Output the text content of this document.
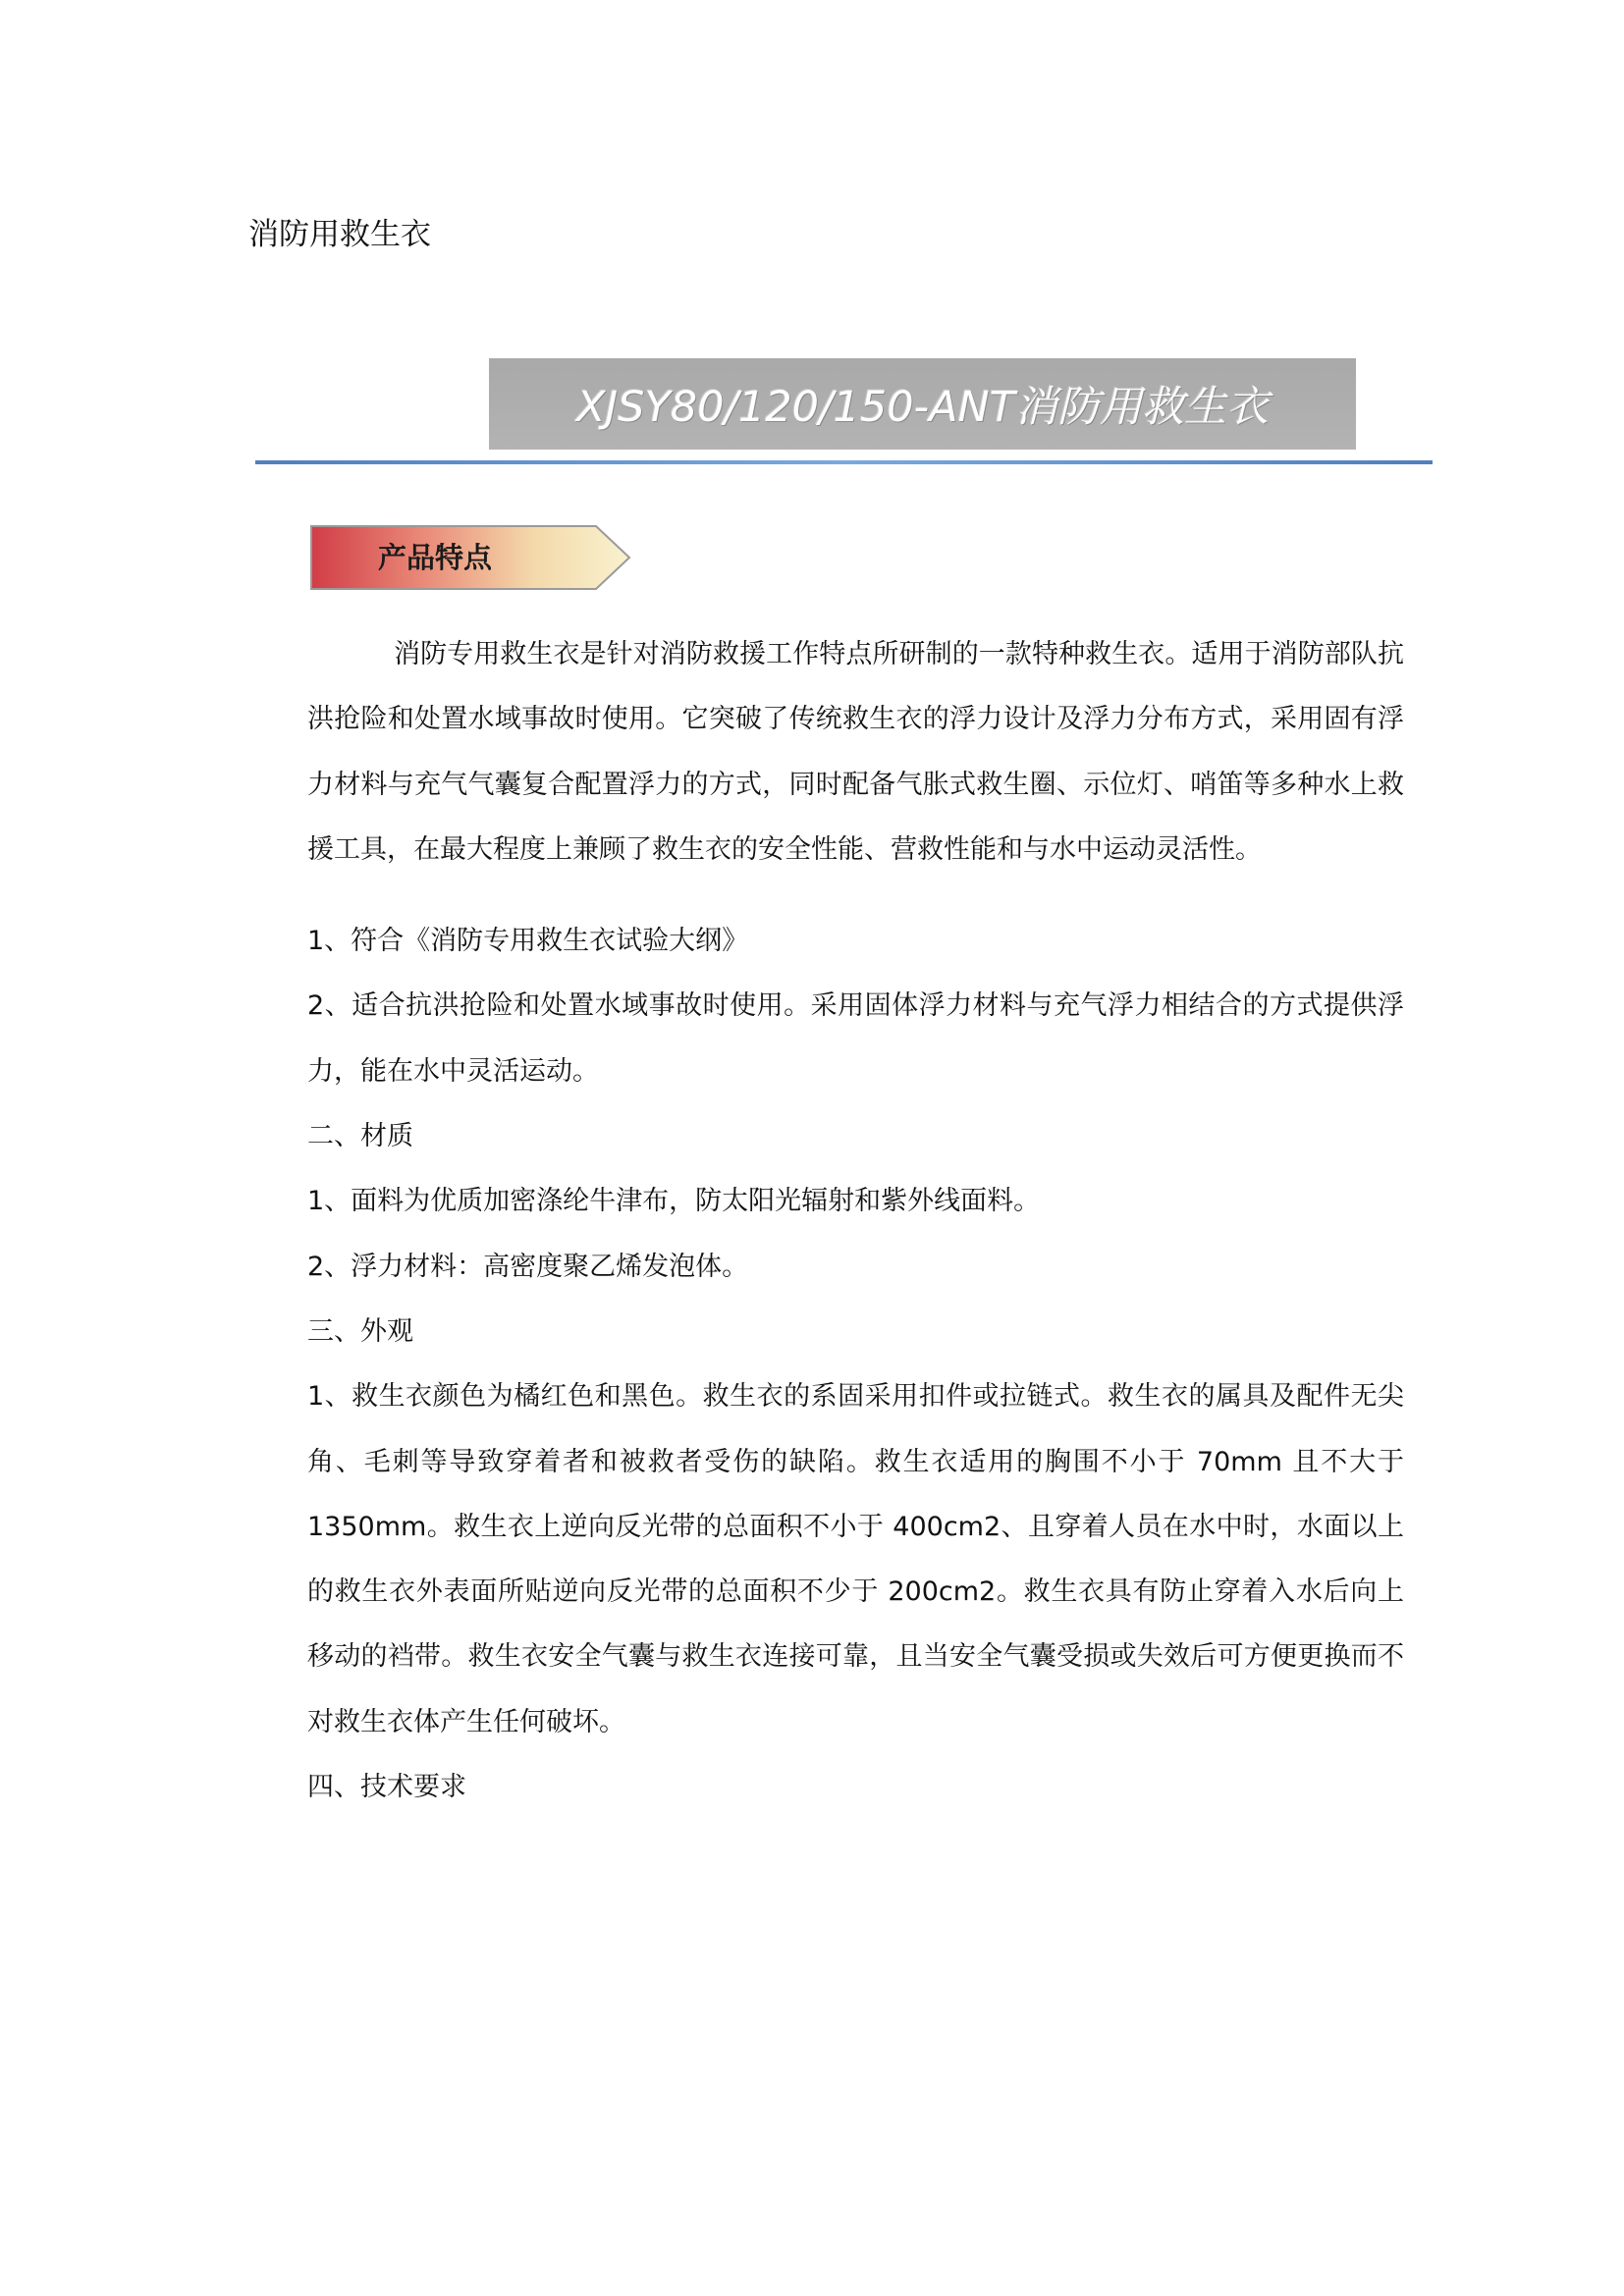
消防用救生衣
XJSY80/120/150-ANT消防用救生衣
产品特点

消防专用救生衣是针对消防救援工作特点所研制的一款特种救生衣。适用于消防部队抗洪抢险和处置水域事故时使用。它突破了传统救生衣的浮力设计及浮力分布方式，采用固有浮力材料与充气气囊复合配置浮力的方式，同时配备气胀式救生圈、示位灯、哨笛等多种水上救援工具，在最大程度上兼顾了救生衣的安全性能、营救性能和与水中运动灵活性。

1、符合《消防专用救生衣试验大纲》

2、适合抗洪抢险和处置水域事故时使用。采用固体浮力材料与充气浮力相结合的方式提供浮力，能在水中灵活运动。

二、材质

1、面料为优质加密涤纶牛津布，防太阳光辐射和紫外线面料。

2、浮力材料：高密度聚乙烯发泡体。

三、外观

1、救生衣颜色为橘红色和黑色。救生衣的系固采用扣件或拉链式。救生衣的属具及配件无尖角、毛刺等导致穿着者和被救者受伤的缺陷。救生衣适用的胸围不小于 70mm 且不大于 1350mm。救生衣上逆向反光带的总面积不小于 400cm2、且穿着人员在水中时，水面以上的救生衣外表面所贴逆向反光带的总面积不少于 200cm2。救生衣具有防止穿着入水后向上移动的裆带。救生衣安全气囊与救生衣连接可靠，且当安全气囊受损或失效后可方便更换而不对救生衣体产生任何破坏。

四、技术要求
